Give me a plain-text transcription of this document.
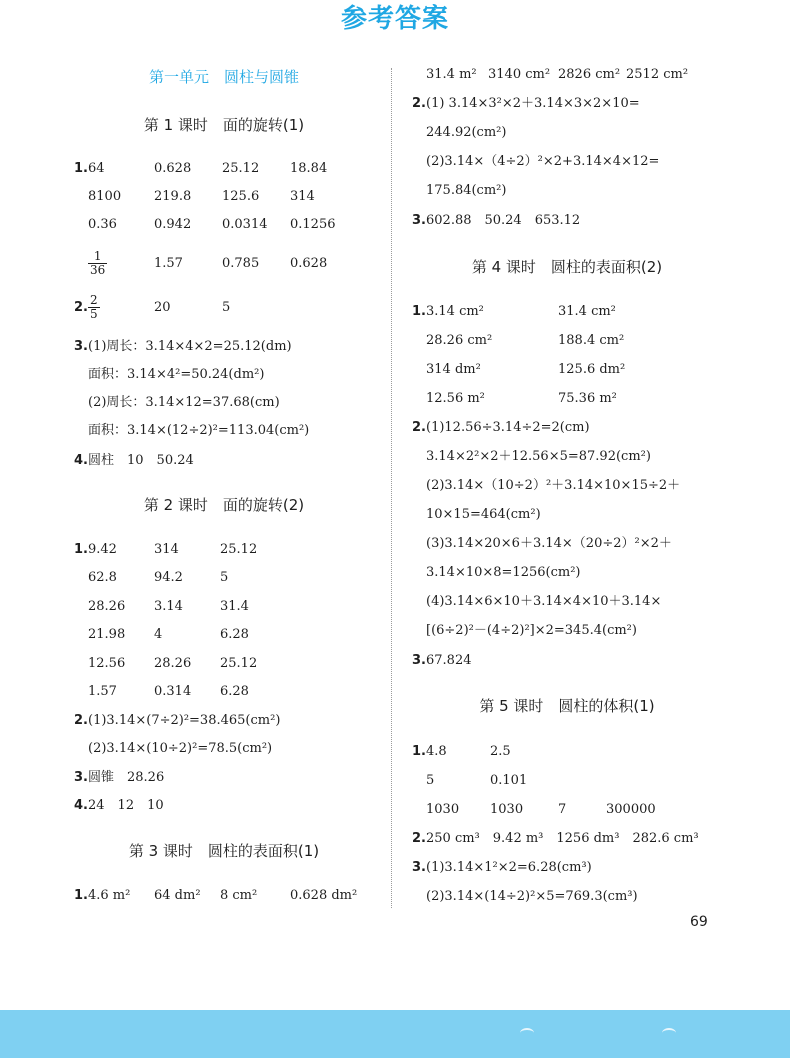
参考答案
第一单元　圆柱与圆锥
第 1 课时　面的旋转(1)
1. 64	0.628 25.12 18.84
8100	219.8 125.6 314
0.36	0.942 0.0314 0.1256
$\frac{1}{36}$	1.57	0.785 0.628
2. $\frac{2}{5}$	20	5
3. (1)周长：3.14×4×2=25.12(dm)
面积：3.14×4²=50.24(dm²)
(2)周长：3.14×12=37.68(cm)
面积：3.14×(12÷2)²=113.04(cm²)
4. 圆柱　10　50.24
第 2 课时　面的旋转(2)
1. 9.42	314	25.12
62.8	94.2	5
28.26 3.14	31.4
21.98 4	6.28
12.56 28.26 25.12
1.57	0.314 6.28
2. (1)3.14×(7÷2)²=38.465(cm²)
(2)3.14×(10÷2)²=78.5(cm²)
3. 圆锥　28.26
4. 24　12　10
第 3 课时　圆柱的表面积(1)
1. 4.6 m² 64 dm² 8 cm²	0.628 dm²
31.4 m² 3140 cm² 2826 cm² 2512 cm²
2. (1) 3.14×3²×2＋3.14×3×2×10=
244.92(cm²)
(2)3.14×（4÷2）²×2+3.14×4×12=
175.84(cm²)
3. 602.88　50.24　653.12
第 4 课时　圆柱的表面积(2)
1. 3.14 cm²	31.4 cm²
28.26 cm²	188.4 cm²
314 dm²	125.6 dm²
12.56 m²	75.36 m²
2. (1)12.56÷3.14÷2=2(cm)
3.14×2²×2＋12.56×5=87.92(cm²)
(2)3.14×（10÷2）²＋3.14×10×15÷2＋
10×15=464(cm²)
(3)3.14×20×6＋3.14×（20÷2）²×2＋
3.14×10×8=1256(cm²)
(4)3.14×6×10＋3.14×4×10＋3.14×
[(6÷2)²－(4÷2)²]×2=345.4(cm²)
3. 67.824
第 5 课时　圆柱的体积(1)
1. 4.8	2.5
5	0.101
1030 1030	7	300000
2. 250 cm³　9.42 m³　1256 dm³　282.6 cm³
3. (1)3.14×1²×2=6.28(cm³)
(2)3.14×(14÷2)²×5=769.3(cm³)
69
